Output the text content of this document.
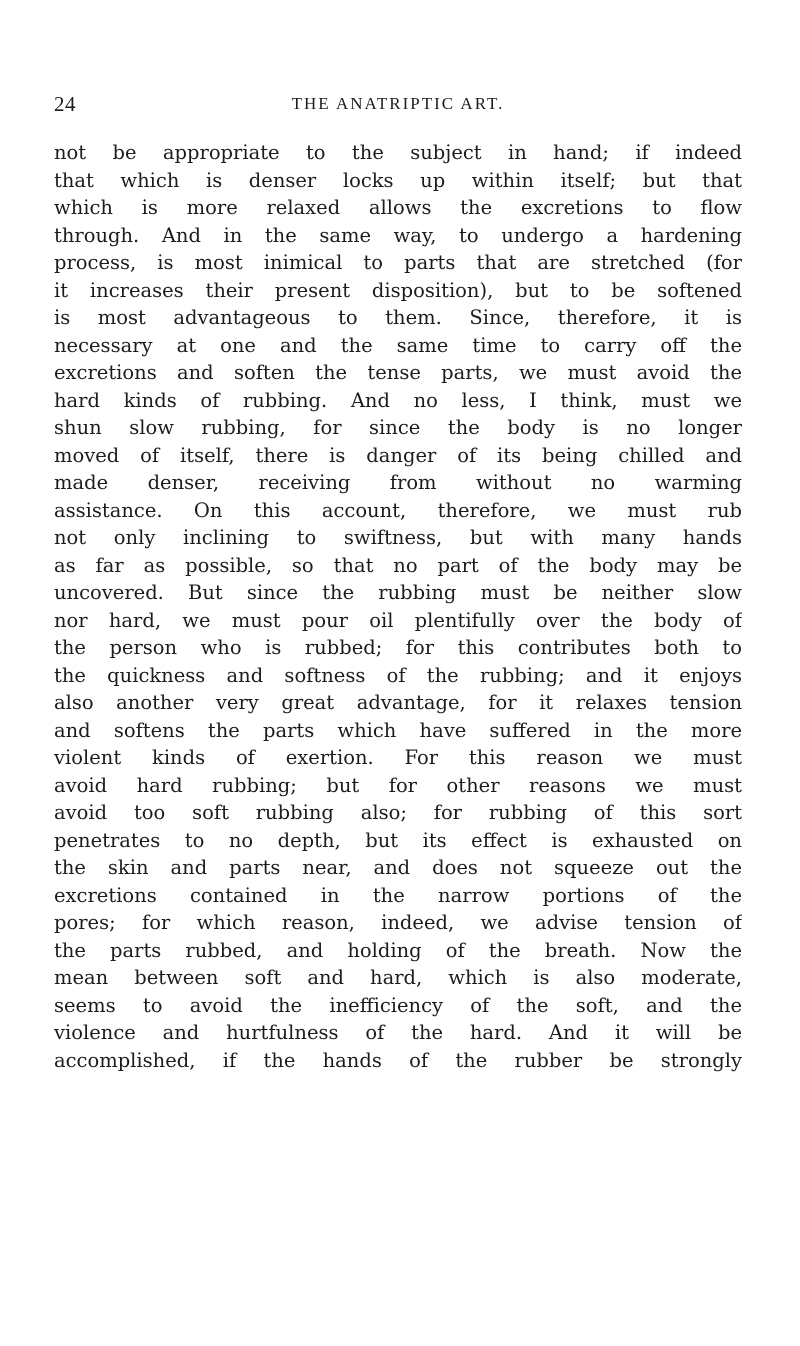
24	THE ANATRIPTIC ART.
not be appropriate to the subject in hand; if indeed
that which is denser locks up within itself; but that
which is more relaxed allows the excretions to flow
through. And in the same way, to undergo a hardening
process, is most inimical to parts that are stretched (for
it increases their present disposition), but to be softened
is most advantageous to them. Since, therefore, it is
necessary at one and the same time to carry off the
excretions and soften the tense parts, we must avoid the
hard kinds of rubbing. And no less, I think, must we
shun slow rubbing, for since the body is no longer
moved of itself, there is danger of its being chilled and
made denser, receiving from without no warming
assistance. On this account, therefore, we must rub
not only inclining to swiftness, but with many hands
as far as possible, so that no part of the body may be
uncovered. But since the rubbing must be neither slow
nor hard, we must pour oil plentifully over the body of
the person who is rubbed; for this contributes both to
the quickness and softness of the rubbing; and it enjoys
also another very great advantage, for it relaxes tension
and softens the parts which have suffered in the more
violent kinds of exertion. For this reason we must
avoid hard rubbing; but for other reasons we must
avoid too soft rubbing also; for rubbing of this sort
penetrates to no depth, but its effect is exhausted on
the skin and parts near, and does not squeeze out the
excretions contained in the narrow portions of the
pores; for which reason, indeed, we advise tension of
the parts rubbed, and holding of the breath. Now the
mean between soft and hard, which is also moderate,
seems to avoid the inefficiency of the soft, and the
violence and hurtfulness of the hard. And it will be
accomplished, if the hands of the rubber be strongly
